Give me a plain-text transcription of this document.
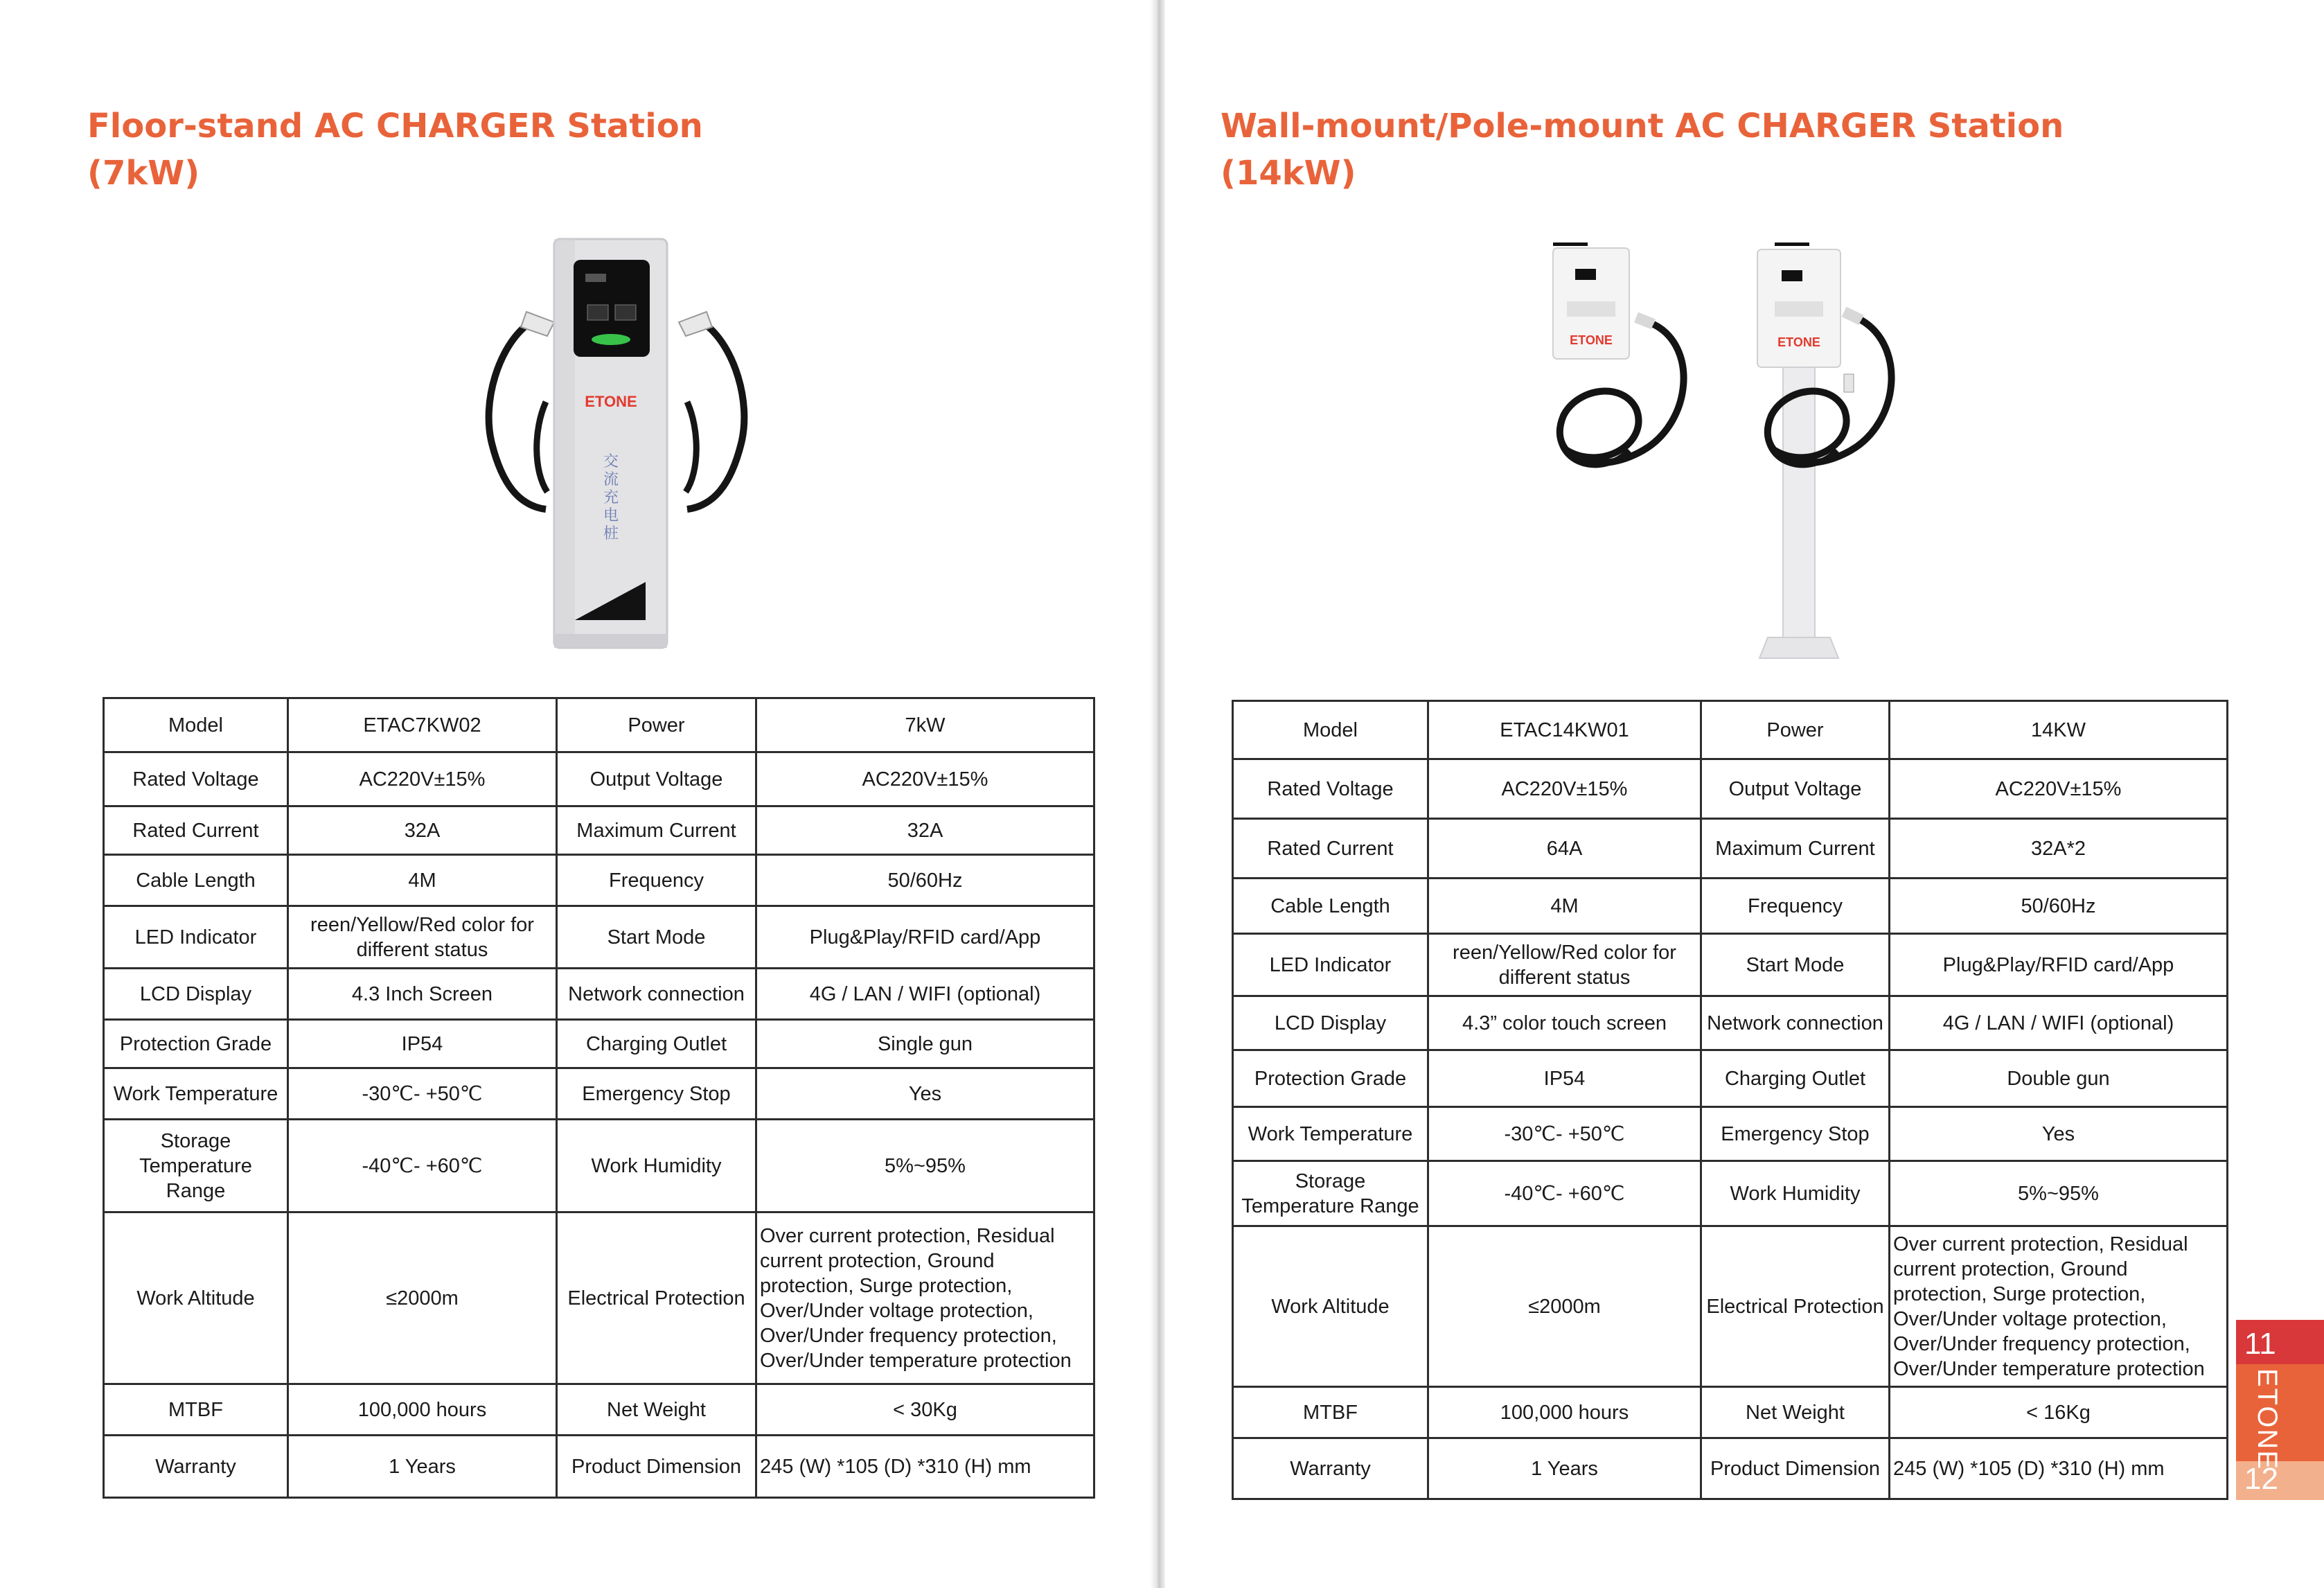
Floor-stand AC CHARGER Station
(7kW)
ETONE
交
流
充
电
桩
Model	ETAC7KW02	Power	7kW
Rated Voltage	AC220V±15%	Output Voltage	AC220V±15%
Rated Current	32A	Maximum Current	32A
Cable Length	4M	Frequency	50/60Hz
LED Indicator	reen/Yellow/Red color for different status	Start Mode	Plug&Play/RFID card/App
LCD Display	4.3 Inch Screen	Network connection	4G / LAN / WIFI (optional)
Protection Grade	IP54	Charging Outlet	Single gun
Work Temperature	-30℃- +50℃	Emergency Stop	Yes
Storage Temperature Range	-40℃- +60℃	Work Humidity	5%~95%
Work Altitude	≤2000m	Electrical Protection	Over current protection, Residual current protection, Ground protection, Surge protection, Over/Under voltage protection, Over/Under frequency protection, Over/Under temperature protection
MTBF	100,000 hours	Net Weight	< 30Kg
Warranty	1 Years	Product Dimension	245 (W) *105 (D) *310 (H) mm
Wall-mount/Pole-mount AC CHARGER Station
(14kW)
ETONE	ETONE
Model	ETAC14KW01	Power	14KW
Rated Voltage	AC220V±15%	Output Voltage	AC220V±15%
Rated Current	64A	Maximum Current	32A*2
Cable Length	4M	Frequency	50/60Hz
LED Indicator	reen/Yellow/Red color for different status	Start Mode	Plug&Play/RFID card/App
LCD Display	4.3” color touch screen	Network connection	4G / LAN / WIFI (optional)
Protection Grade	IP54	Charging Outlet	Double gun
Work Temperature	-30℃- +50℃	Emergency Stop	Yes
Storage Temperature Range	-40℃- +60℃	Work Humidity	5%~95%
Work Altitude	≤2000m	Electrical Protection	Over current protection, Residual current protection, Ground protection, Surge protection, Over/Under voltage protection, Over/Under frequency protection, Over/Under temperature protection
MTBF	100,000 hours	Net Weight	< 16Kg
Warranty	1 Years	Product Dimension	245 (W) *105 (D) *310 (H) mm
11
ETONE
12
